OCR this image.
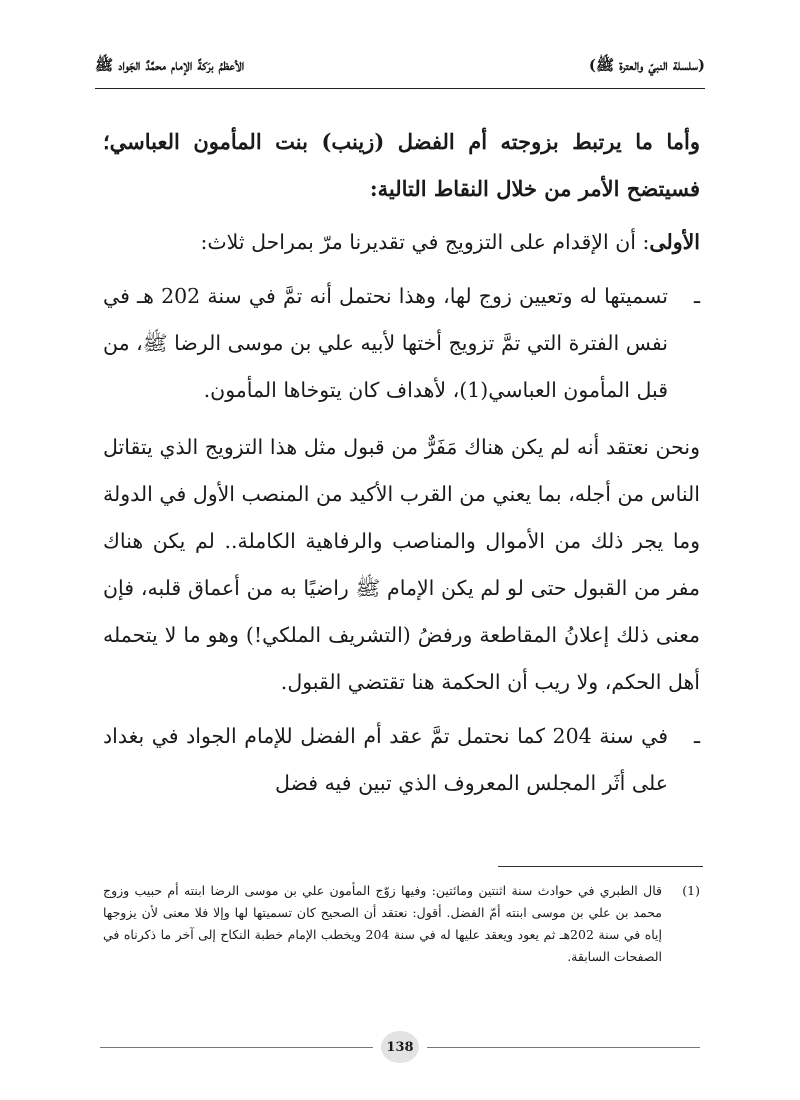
(سلسلة النبيّ والعترة ﷺ)
الأعظمُ برَكةً الإمام محمَّدٌ الجَواد ﷺ

وأما ما يرتبط بزوجته أم الفضل (زينب) بنت المأمون العباسي؛ فسيتضح الأمر من خلال النقاط التالية:

الأولى: أن الإقدام على التزويج في تقديرنا مرّ بمراحل ثلاث:

ـ
تسميتها له وتعيين زوج لها، وهذا نحتمل أنه تمَّ في سنة 202 هـ في نفس الفترة التي تمَّ تزويج أختها لأبيه علي بن موسى الرضا ﷺ، من قبل المأمون العباسي(1)، لأهداف كان يتوخاها المأمون.

ونحن نعتقد أنه لم يكن هناك مَفَرٌّ من قبول مثل هذا التزويج الذي يتقاتل الناس من أجله، بما يعني من القرب الأكيد من المنصب الأول في الدولة وما يجر ذلك من الأموال والمناصب والرفاهية الكاملة.. لم يكن هناك مفر من القبول حتى لو لم يكن الإمام ﷺ راضيًا به من أعماق قلبه، فإن معنى ذلك إعلانُ المقاطعة ورفضُ (التشريف الملكي!) وهو ما لا يتحمله أهل الحكم، ولا ريب أن الحكمة هنا تقتضي القبول.

ـ
في سنة 204 كما نحتمل تمَّ عقد أم الفضل للإمام الجواد في بغداد على أثَر المجلس المعروف الذي تبين فيه فضل
(1)
قال الطبري في حوادث سنة اثنتين ومائتين: وفيها زوّج المأمون علي بن موسى الرضا ابنته أم حبيب وزوج محمد بن علي بن موسى ابنته أمّ الفضل. أقول: نعتقد أن الصحيح كان تسميتها لها وإلا فلا معنى لأن يزوجها إياه في سنة 202هـ ثم يعود ويعقد عليها له في سنة 204 ويخطب الإمام خطبة النكاح إلى آخر ما ذكرناه في الصفحات السابقة.
138
